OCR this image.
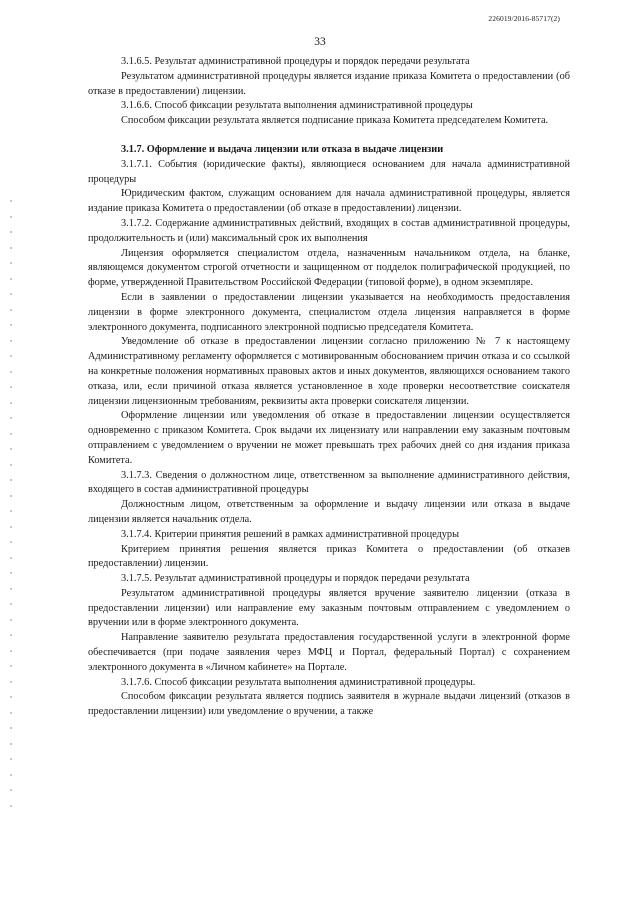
226019/2016-85717(2)
33

3.1.6.5. Результат административной процедуры и порядок передачи результата

Результатом административной процедуры является издание приказа Комитета о предоставлении (об отказе в предоставлении) лицензии.

3.1.6.6. Способ фиксации результата выполнения административной процедуры

Способом фиксации результата является подписание приказа Комитета председателем Комитета.

3.1.7. Оформление и выдача лицензии или отказа в выдаче лицензии

3.1.7.1. События (юридические факты), являющиеся основанием для начала административной процедуры

Юридическим фактом, служащим основанием для начала административной процедуры, является издание приказа Комитета о предоставлении (об отказе в предоставлении) лицензии.

3.1.7.2. Содержание административных действий, входящих в состав административной процедуры, продолжительность и (или) максимальный срок их выполнения

Лицензия оформляется специалистом отдела, назначенным начальником отдела, на бланке, являющемся документом строгой отчетности и защищенном от подделок полиграфической продукцией, по форме, утвержденной Правительством Российской Федерации (типовой форме), в одном экземпляре.

Если в заявлении о предоставлении лицензии указывается на необходимость предоставления лицензии в форме электронного документа, специалистом отдела лицензия направляется в форме электронного документа, подписанного электронной подписью председателя Комитета.

Уведомление об отказе в предоставлении лицензии согласно приложению № 7 к настоящему Административному регламенту оформляется с мотивированным обоснованием причин отказа и со ссылкой на конкретные положения нормативных правовых актов и иных документов, являющихся основанием такого отказа, или, если причиной отказа является установленное в ходе проверки несоответствие соискателя лицензии лицензионным требованиям, реквизиты акта проверки соискателя лицензии.

Оформление лицензии или уведомления об отказе в предоставлении лицензии осуществляется одновременно с приказом Комитета. Срок выдачи их лицензиату или направлении ему заказным почтовым отправлением с уведомлением о вручении не может превышать трех рабочих дней со дня издания приказа Комитета.

3.1.7.3. Сведения о должностном лице, ответственном за выполнение административного действия, входящего в состав административной процедуры

Должностным лицом, ответственным за оформление и выдачу лицензии или отказа в выдаче лицензии является начальник отдела.

3.1.7.4. Критерии принятия решений в рамках административной процедуры

Критерием принятия решения является приказ Комитета о предоставлении (об отказев предоставлении) лицензии.

3.1.7.5. Результат административной процедуры и порядок передачи результата

Результатом административной процедуры является вручение заявителю лицензии (отказа в предоставлении лицензии) или направление ему заказным почтовым отправлением с уведомлением о вручении или в форме электронного документа.

Направление заявителю результата предоставления государственной услуги в электронной форме обеспечивается (при подаче заявления через МФЦ и Портал, федеральный Портал) с сохранением электронного документа в «Личном кабинете» на Портале.

3.1.7.6. Способ фиксации результата выполнения административной процедуры.

Способом фиксации результата является подпись заявителя в журнале выдачи лицензий (отказов в предоставлении лицензии) или уведомление о вручении, а также
